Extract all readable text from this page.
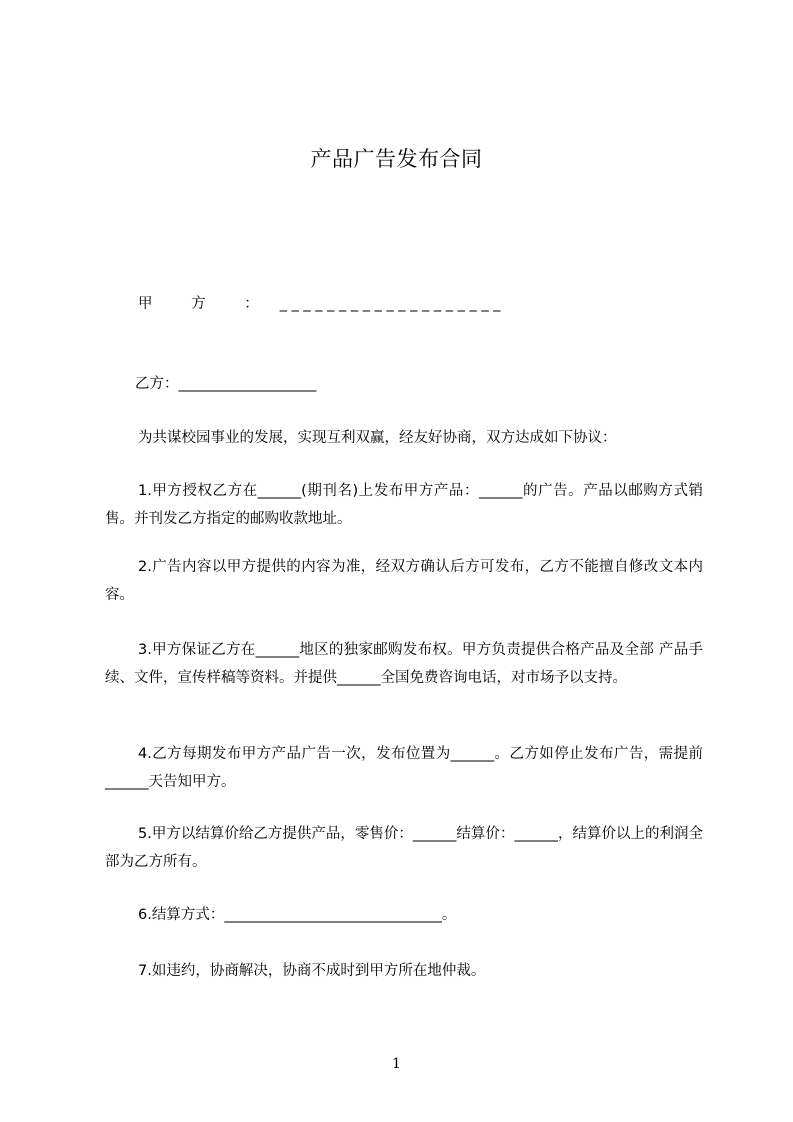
产品广告发布合同
甲 方 ： _ _ _ _ _ _ _ _ _ _ _ _ _ _ _ _ _ _ _
乙方：___________________
为共谋校园事业的发展，实现互利双赢，经友好协商，双方达成如下协议：
1.甲方授权乙方在______(期刊名)上发布甲方产品：______的广告。产品以邮购方式销售。并刊发乙方指定的邮购收款地址。
2.广告内容以甲方提供的内容为准，经双方确认后方可发布，乙方不能擅自修改文本内容。
3.甲方保证乙方在______地区的独家邮购发布权。甲方负责提供合格产品及全部 产品手续、文件，宣传样稿等资料。并提供______全国免费咨询电话，对市场予以支持。
4.乙方每期发布甲方产品广告一次，发布位置为______。乙方如停止发布广告，需提前______天告知甲方。
5.甲方以结算价给乙方提供产品，零售价：______结算价：______，结算价以上的利润全部为乙方所有。
6.结算方式：______________________________。
7.如违约，协商解决，协商不成时到甲方所在地仲裁。
1
